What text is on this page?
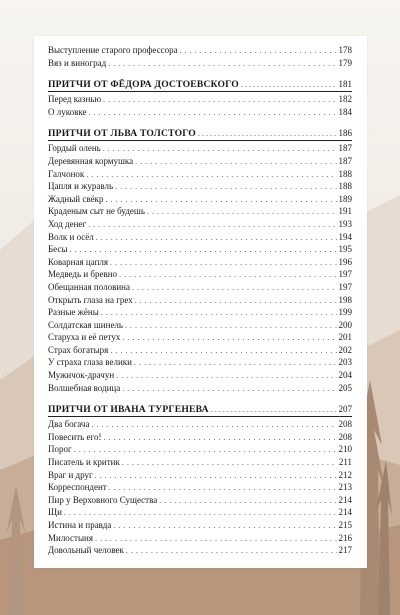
Выступление старого профессора . . .	178
Вяз и виноград . . .	179
ПРИТЧИ ОТ ФЁДОРА ДОСТОЕВСКОГО . . .	181
Перед казнью . . .	182
О луковке . . .	184
ПРИТЧИ ОТ ЛЬВА ТОЛСТОГО . . .	186
Гордый олень . . .	187
Деревянная кормушка . . .	187
Галчонок . . .	188
Цапля и журавль . . .	188
Жадный свёкр . . .	189
Краденым сыт не будешь . . .	191
Ход денег . . .	193
Волк и осёл . . .	194
Бесы . . .	195
Коварная цапля . . .	196
Медведь и бревно . . .	197
Обещанная половина . . .	197
Открыть глаза на грех . . .	198
Разные жёны . . .	199
Солдатская шинель . . .	200
Старуха и её петух . . .	201
Страх богатыря . . .	202
У страха глаза велики . . .	203
Мужичок-драчун . . .	204
Волшебная водица . . .	205
ПРИТЧИ ОТ ИВАНА ТУРГЕНЕВА . . .	207
Два богача . . .	208
Повесить его! . . .	208
Порог . . .	210
Писатель и критик . . .	211
Враг и друг . . .	212
Корреспондент . . .	213
Пир у Верховного Существа . . .	214
Щи . . .	214
Истина и правда . . .	215
Милостыня . . .	216
Довольный человек . . .	217
